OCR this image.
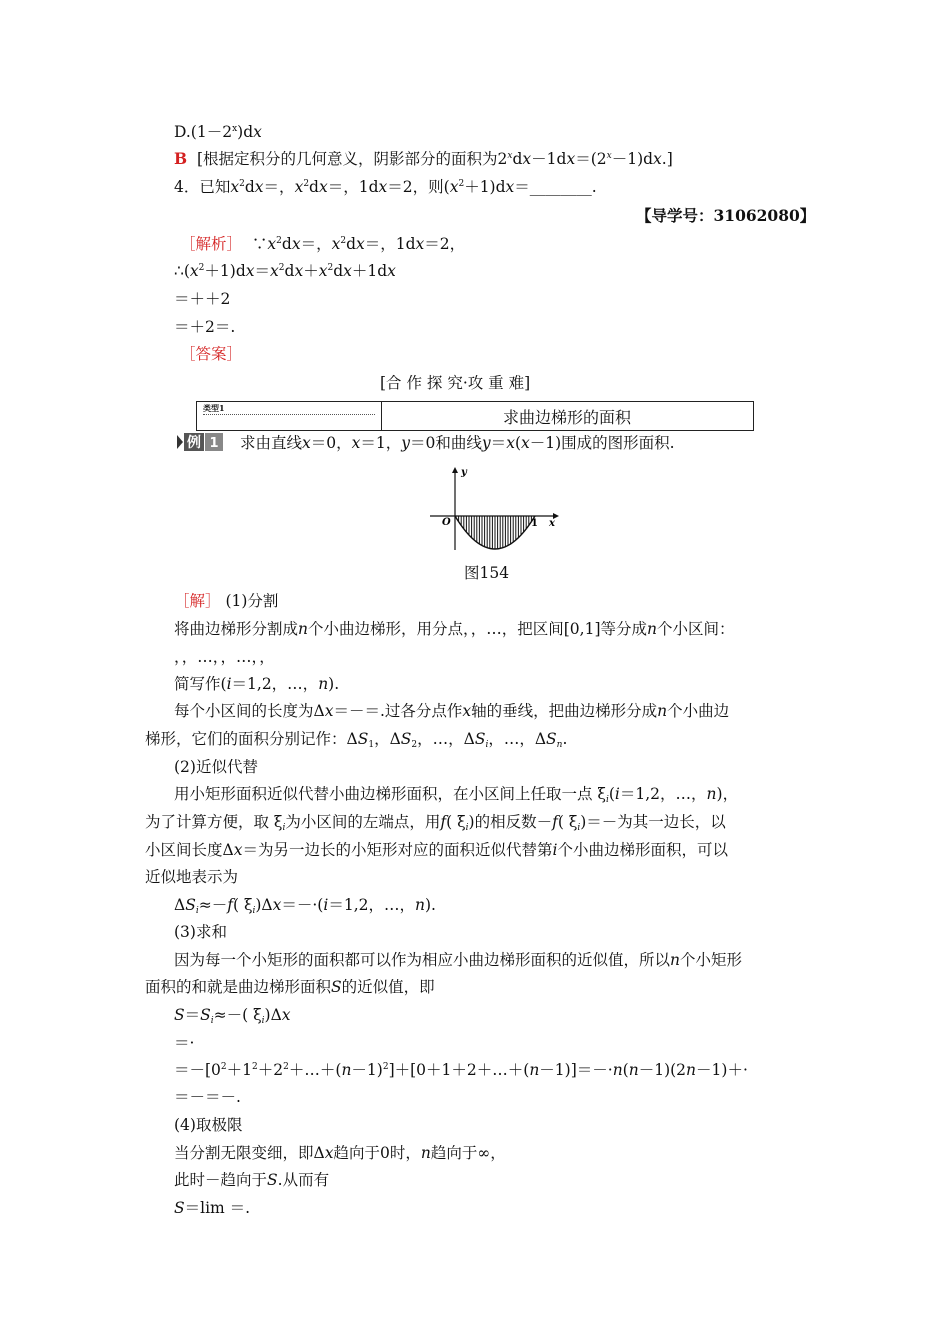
$D.(1-2^x)dx$
B [根据定积分的几何意义，阴影部分的面积为$2^xdx-1dx=(2^x-1)dx$.]
4．已知$x^2dx=$，$x^2dx=$，1dx＝2，则$(x^2+1)dx=\_\_\_\_\_\_\_\_$.
【导学号：31062080】
［解析］ $\because x^2dx=$，$x^2dx=$，1dx＝2，
$\therefore(x^2+1)dx=x^2dx+x^2dx+1dx$
＝＋＋2
＝＋2＝.
［答案］
[合 作 探 究·攻 重 难]
类型1	求曲边梯形的面积
例 1 求由直线x＝0，x＝1，y＝0和曲线y＝x(x－1)围成的图形面积.
y
x
O	1
图154
［解］ (1)分割
将曲边梯形分割成n个小曲边梯形，用分点，，…，把区间[0,1]等分成n个小区间：
，，…，，…，，
简写作(i＝1,2，…，n).
每个小区间的长度为Δx＝－＝.过各分点作x轴的垂线，把曲边梯形分成n个小曲边
梯形，它们的面积分别记作：$\Delta S_1$，$\Delta S_2$，…，$\Delta S_i$，…，$\Delta S_n$.
(2)近似代替
用小矩形面积近似代替小曲边梯形面积，在小区间上任取一点 $\xi_i(i=1,2$，…，n)，
为了计算方便，取 $\xi_i$为小区间的左端点，用f( $\xi_i$)的相反数－f( $\xi_i)=-$为其一边长，以
小区间长度Δx＝为另一边长的小矩形对应的面积近似代替第i个小曲边梯形面积，可以
近似地表示为
$\Delta S_i\approx-f$( $\xi_i)\Delta x=-\cdot(i=1,2$，…，n).
(3)求和
因为每一个小矩形的面积都可以作为相应小曲边梯形面积的近似值，所以n个小矩形
面积的和就是曲边梯形面积S的近似值，即
$S=S_i\approx-$( $\xi_i)\Delta x$
＝·
$=-[0^2+1^2+2^2+\dots+(n-1)^2]+[0+1+2+\dots+(n-1)]=-\cdot n(n-1)(2n-1)+\cdot$
＝－＝－.
(4)取极限
当分割无限变细，即Δx趋向于0时，n趋向于∞，
此时－趋向于S.从而有
S＝lim ＝.
